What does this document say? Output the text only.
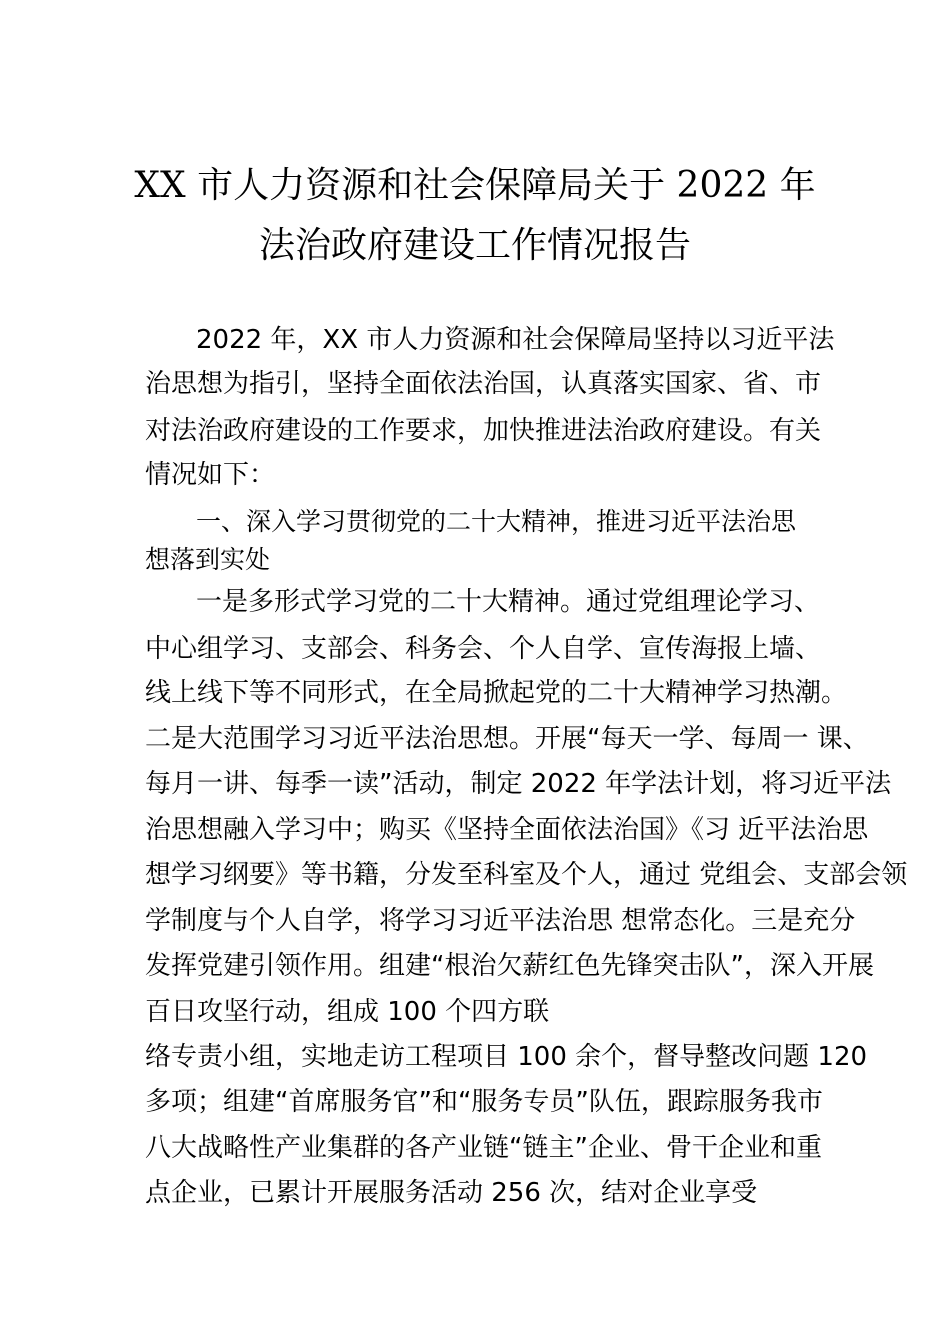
XX 市人力资源和社会保障局关于 2022 年
法治政府建设工作情况报告
2022 年，XX 市人力资源和社会保障局坚持以习近平法
治思想为指引，坚持全面依法治国，认真落实国家、省、市
对法治政府建设的工作要求，加快推进法治政府建设。有关
情况如下：
一、深入学习贯彻党的二十大精神，推进习近平法治思
想落到实处
一是多形式学习党的二十大精神。通过党组理论学习、
中心组学习、支部会、科务会、个人自学、宣传海报上墙、
线上线下等不同形式，在全局掀起党的二十大精神学习热潮。
二是大范围学习习近平法治思想。开展“每天一学、每周一 课、
每月一讲、每季一读”活动，制定 2022 年学法计划，将习近平法
治思想融入学习中；购买《坚持全面依法治国》《习 近平法治思
想学习纲要》等书籍，分发至科室及个人，通过 党组会、支部会领
学制度与个人自学，将学习习近平法治思 想常态化。三是充分
发挥党建引领作用。组建“根治欠薪红色先锋突击队”，深入开展
百日攻坚行动，组成 100 个四方联
络专责小组，实地走访工程项目 100 余个，督导整改问题 120
多项；组建“首席服务官”和“服务专员”队伍，跟踪服务我市
八大战略性产业集群的各产业链“链主”企业、骨干企业和重
点企业，已累计开展服务活动 256 次，结对企业享受
